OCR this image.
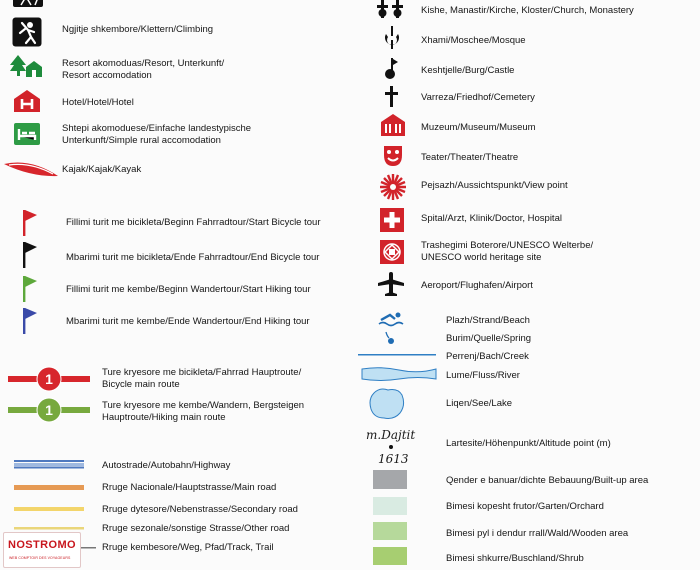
Ngjitje shkembore/Klettern/Climbing
Resort akomoduas/Resort, Unterkunft/
Resort accomodation
Hotel/Hotel/Hotel
Shtepi akomoduese/Einfache landestypische
Unterkunft/Simple rural accomodation
Kajak/Kajak/Kayak
Fillimi turit me bicikleta/Beginn Fahrradtour/Start Bicycle tour
Mbarimi turit me bicikleta/Ende Fahrradtour/End Bicycle tour
Fillimi turit me kembe/Beginn Wandertour/Start Hiking tour
Mbarimi turit me kembe/Ende Wandertour/End Hiking tour
1	Ture kryesore me bicikleta/Fahrrad Hauptroute/
Bicycle main route
1	Ture kryesore me kembe/Wandern, Bergsteigen
Hauptroute/Hiking main route
Autostrade/Autobahn/Highway
Rruge Nacionale/Hauptstrasse/Main road
Rruge dytesore/Nebenstrasse/Secondary road
Rruge sezonale/sonstige Strasse/Other road
Rruge kembesore/Weg, Pfad/Track, Trail
NOSTROMO
WEB COMPTOIR DES VOYAGEURS
Kishe, Manastir/Kirche, Kloster/Church, Monastery
Xhami/Moschee/Mosque
Keshtjelle/Burg/Castle
Varreza/Friedhof/Cemetery
Muzeum/Museum/Museum
Teater/Theater/Theatre
Pejsazh/Aussichtspunkt/View point
Spital/Arzt, Klinik/Doctor, Hospital
Trashegimi Boterore/UNESCO Welterbe/
UNESCO world heritage site
Aeroport/Flughafen/Airport
Plazh/Strand/Beach
Burim/Quelle/Spring
Perrenj/Bach/Creek
Lume/Fluss/River
Liqen/See/Lake
m.Dajtit
1613
Lartesite/Höhenpunkt/Altitude point (m)
Qender e banuar/dichte Bebauung/Built-up area
Bimesi kopesht frutor/Garten/Orchard
Bimesi pyl i dendur rrall/Wald/Wooden area
Bimesi shkurre/Buschland/Shrub
